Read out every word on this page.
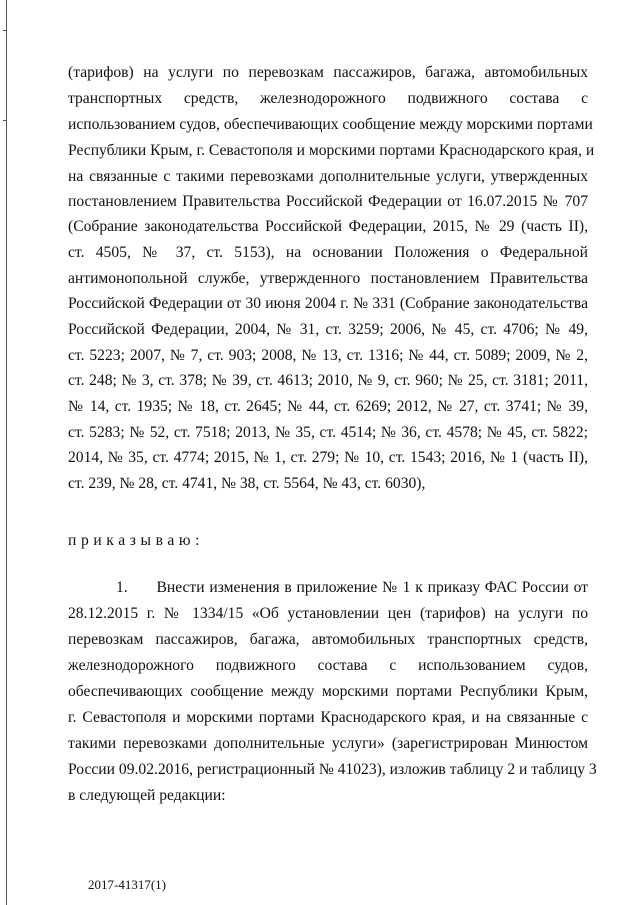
(тарифов) на услуги по перевозкам пассажиров, багажа, автомобильных
транспортных средств, железнодорожного подвижного состава с
использованием судов, обеспечивающих сообщение между морскими портами
Республики Крым, г. Севастополя и морскими портами Краснодарского края, и
на связанные с такими перевозками дополнительные услуги, утвержденных
постановлением Правительства Российской Федерации от 16.07.2015 № 707
(Собрание законодательства Российской Федерации, 2015, № 29 (часть II),
ст. 4505, № 37, ст. 5153), на основании Положения о Федеральной
антимонопольной службе, утвержденного постановлением Правительства
Российской Федерации от 30 июня 2004 г. № 331 (Собрание законодательства
Российской Федерации, 2004, № 31, ст. 3259; 2006, № 45, ст. 4706; № 49,
ст. 5223; 2007, № 7, ст. 903; 2008, № 13, ст. 1316; № 44, ст. 5089; 2009, № 2,
ст. 248; № 3, ст. 378; № 39, ст. 4613; 2010, № 9, ст. 960; № 25, ст. 3181; 2011,
№ 14, ст. 1935; № 18, ст. 2645; № 44, ст. 6269; 2012, № 27, ст. 3741; № 39,
ст. 5283; № 52, ст. 7518; 2013, № 35, ст. 4514; № 36, ст. 4578; № 45, ст. 5822;
2014, № 35, ст. 4774; 2015, № 1, ст. 279; № 10, ст. 1543; 2016, № 1 (часть II),
ст. 239, № 28, ст. 4741, № 38, ст. 5564, № 43, ст. 6030),
приказываю:
1.      Внести изменения в приложение № 1 к приказу ФАС России от
28.12.2015 г. № 1334/15 «Об установлении цен (тарифов) на услуги по
перевозкам пассажиров, багажа, автомобильных транспортных средств,
железнодорожного подвижного состава с использованием судов,
обеспечивающих сообщение между морскими портами Республики Крым,
г. Севастополя и морскими портами Краснодарского края, и на связанные с
такими перевозками дополнительные услуги» (зарегистрирован Минюстом
России 09.02.2016, регистрационный № 41023), изложив таблицу 2 и таблицу 3
в следующей редакции:
2017-41317(1)
